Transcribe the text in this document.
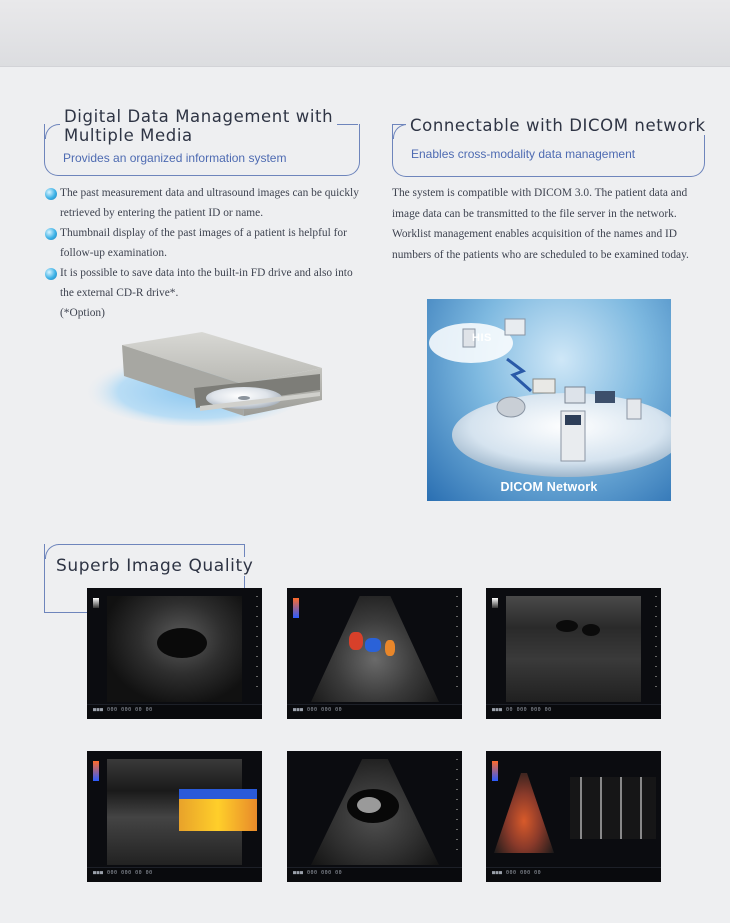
Digital Data Management with
Multiple Media
Provides an organized information system
Connectable with DICOM network
Enables cross-modality data management
The past measurement data and ultrasound images can be quickly retrieved by entering the patient ID or name.
Thumbnail display of the past images of a patient is helpful for follow-up examination.
It is possible to save data into the built-in FD drive and also into the external CD-R drive*.
(*Option)
The system is compatible with DICOM 3.0. The patient data and image data can be transmitted to the file server in the network. Worklist management enables acquisition of the names and ID numbers of the patients who are scheduled to be examined today.
HIS
DICOM Network
Superb Image Quality
■■■ 000 000 00 00	■■■ 000 000 00	■■■ 00 000 000 00
■■■ 000 000 00 00	■■■ 000 000 00	■■■ 000 000 00
